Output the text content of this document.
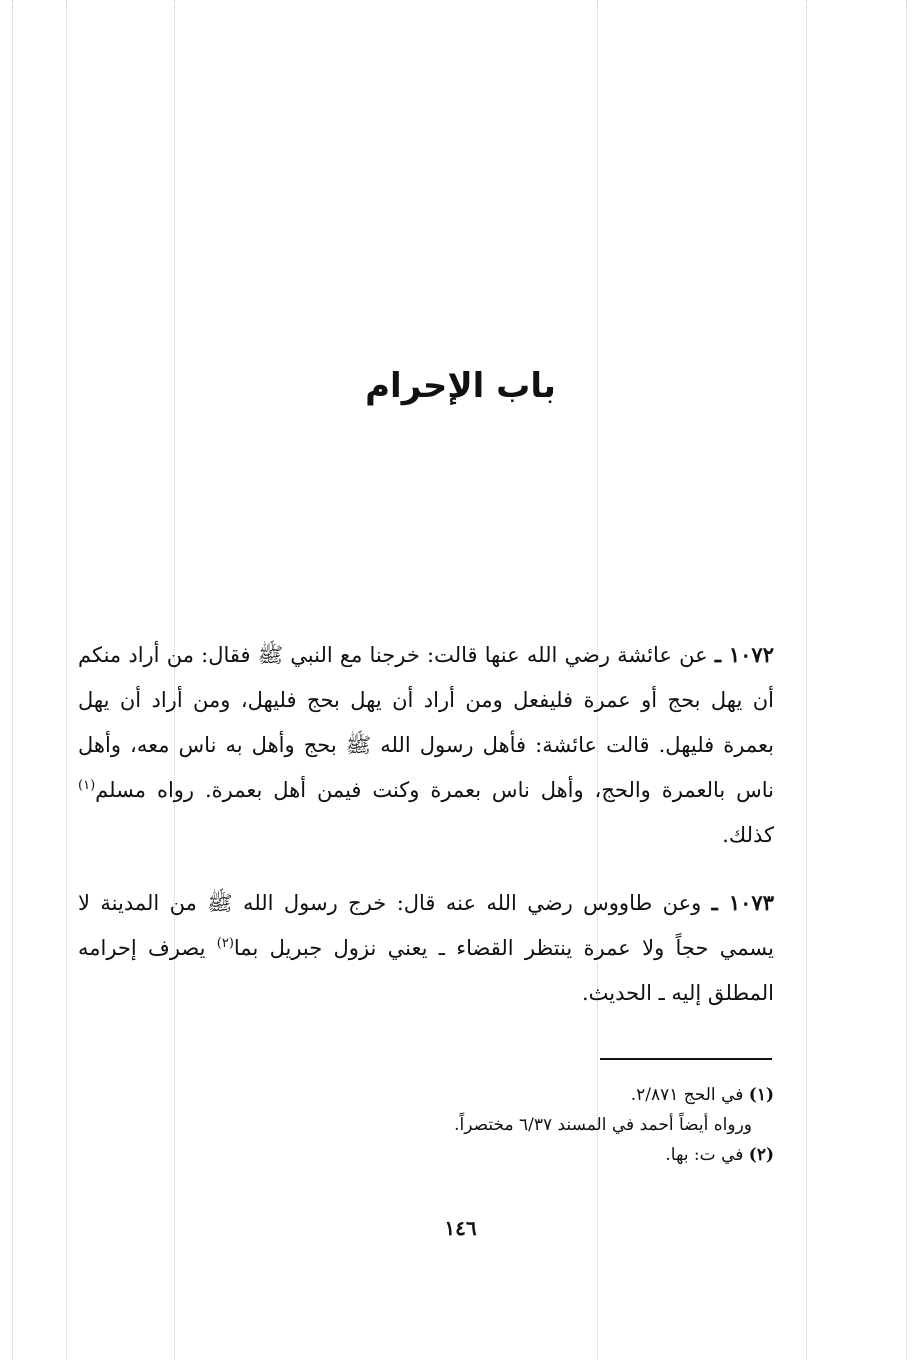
باب الإحرام
١٠٧٢ ـ عن عائشة رضي الله عنها قالت: خرجنا مع النبي ﷺ فقال: من أراد منكم أن يهل بحج أو عمرة فليفعل ومن أراد أن يهل بحج فليهل، ومن أراد أن يهل بعمرة فليهل. قالت عائشة: فأهل رسول الله ﷺ بحج وأهل به ناس معه، وأهل ناس بالعمرة والحج، وأهل ناس بعمرة وكنت فيمن أهل بعمرة. رواه مسلم$^{(١)}$ كذلك.
١٠٧٣ ـ وعن طاووس رضي الله عنه قال: خرج رسول الله ﷺ من المدينة لا يسمي حجاً ولا عمرة ينتظر القضاء ـ يعني نزول جبريل بما$^{(٢)}$ يصرف إحرامه المطلق إليه ـ الحديث.
(١) في الحج ٢/٨٧١.
ورواه أيضاً أحمد في المسند ٦/٣٧ مختصراً.
(٢) في ت: بها.
١٤٦
